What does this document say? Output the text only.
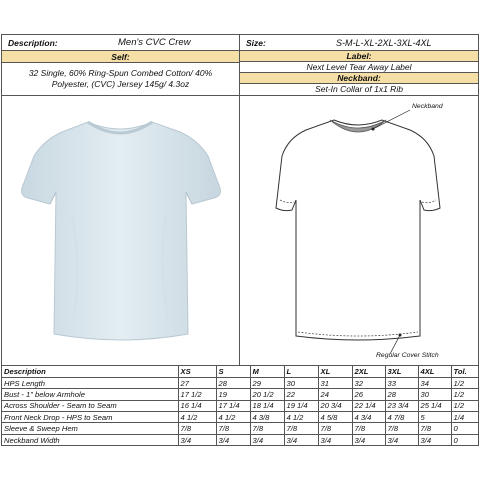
Description:	Men's CVC Crew	Size:	S-M-L-XL-2XL-3XL-4XL
Self:
32 Single, 60% Ring-Spun Combed Cotton/ 40% Polyester, (CVC) Jersey 145g/ 4.3oz
Label:
Next Level Tear Away Label
Neckband:
Set-In Collar of 1x1 Rib
Neckband
Regular Cover Stitch
Description	XS	S	M	L	XL	2XL	3XL	4XL	Tol.
HPS Length	27	28	29	30	31	32	33	34	1/2
Bust - 1" below Armhole	17 1/2	19	20 1/2	22	24	26	28	30	1/2
Across Shoulder - Seam to Seam	16 1/4	17 1/4	18 1/4	19 1/4	20 3/4	22 1/4	23 3/4	25 1/4	1/2
Front Neck Drop - HPS to Seam	4 1/2	4 1/2	4 3/8	4 1/2	4 5/8	4 3/4	4 7/8	5	1/4
Sleeve & Sweep Hem	7/8	7/8	7/8	7/8	7/8	7/8	7/8	7/8	0
Neckband Width	3/4	3/4	3/4	3/4	3/4	3/4	3/4	3/4	0
